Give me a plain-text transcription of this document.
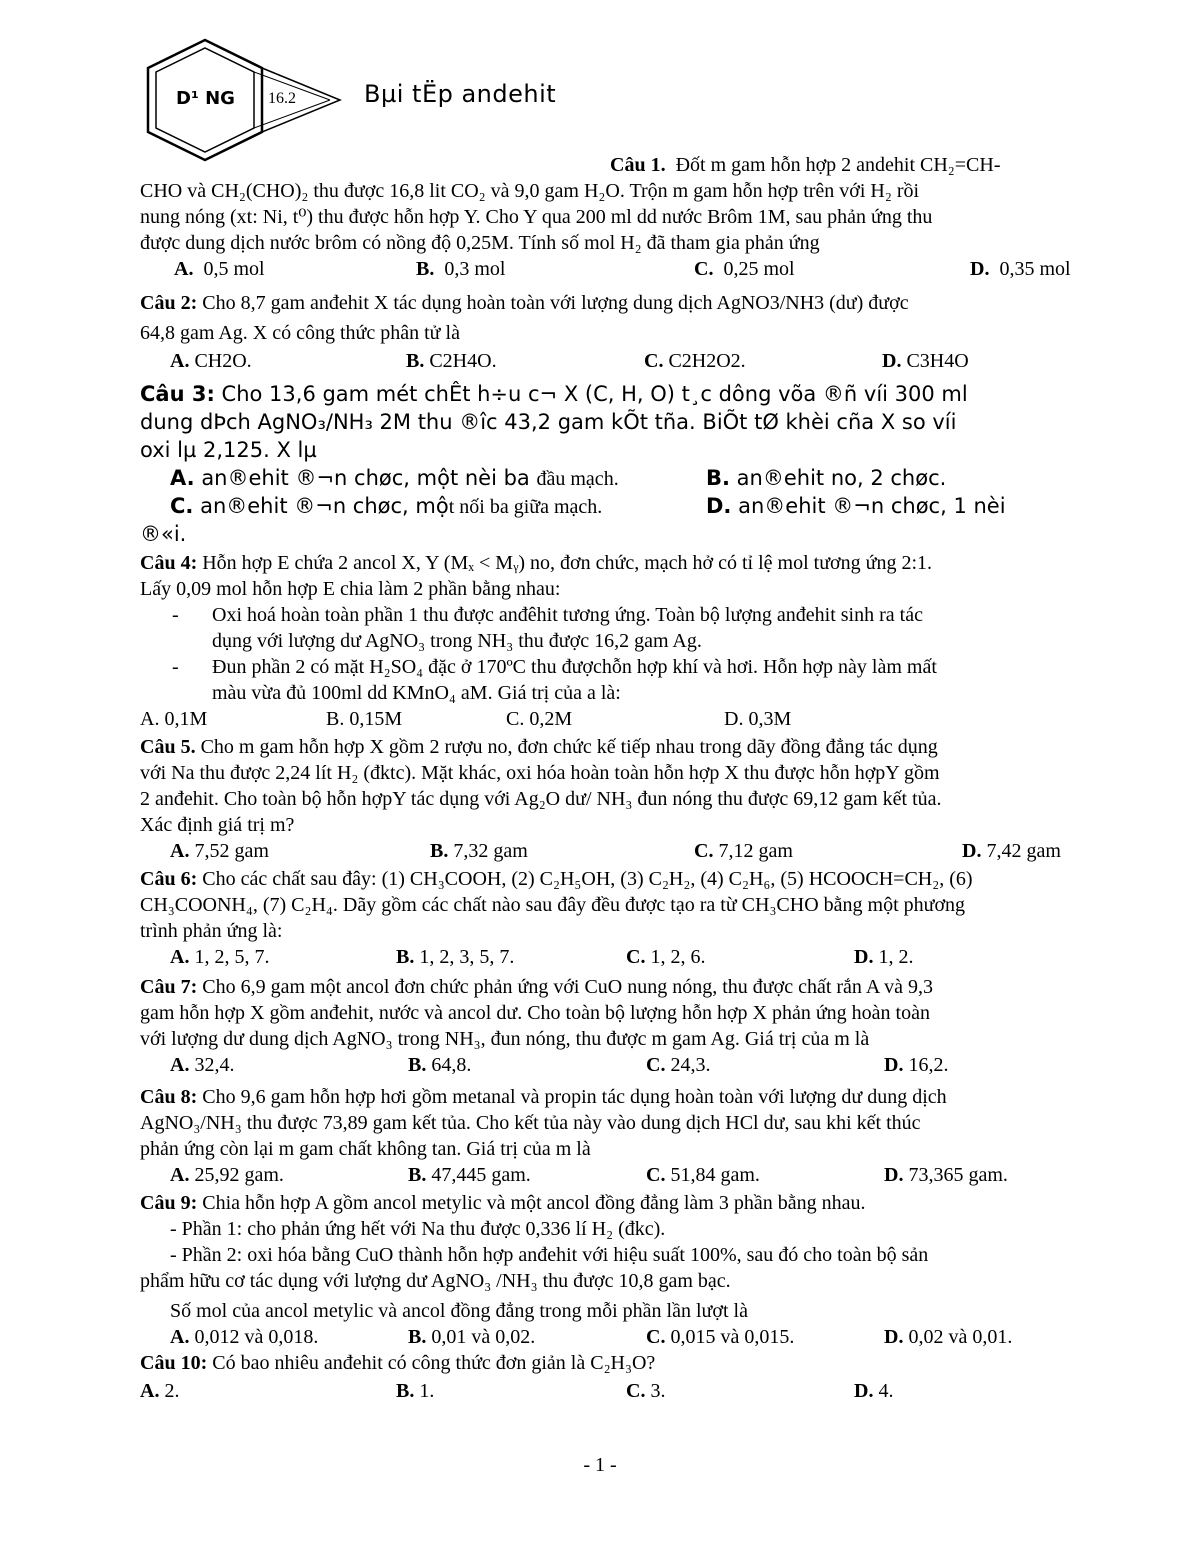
D¹ NG 16.2	Bµi tËp andehit

Câu 1. Đốt m gam hỗn hợp 2 andehit CH₂=CH-

CHO và CH₂(CHO)₂ thu được 16,8 lit CO₂ và 9,0 gam H₂O. Trộn m gam hỗn hợp trên với H₂ rồi

nung nóng (xt: Ni, t⁰) thu được hỗn hợp Y. Cho Y qua 200 ml dd nước Brôm 1M, sau phản ứng thu

được dung dịch nước brôm có nồng độ 0,25M. Tính số mol H₂ đã tham gia phản ứng

A. 0,5 mol	B. 0,3 mol	C. 0,25 mol	D. 0,35 mol

Câu 2: Cho 8,7 gam anđehit X tác dụng hoàn toàn với lượng dung dịch AgNO3/NH3 (dư) được

64,8 gam Ag. X có công thức phân tử là

A. CH2O.	B. C2H4O.	C. C2H2O2.	D. C3H4O

Câu 3: Cho 13,6 gam mét chÊt h÷u c¬ X (C, H, O) t¸c dông võa ®ñ víi 300 ml

dung dÞch AgNO₃/NH₃ 2M thu ®îc 43,2 gam kÕt tña. BiÕt tØ khèi cña X so víi

oxi lµ 2,125. X lµ

A. an®ehit ®¬n chøc, một nèi ba đầu mạch.	B. an®ehit no, 2 chøc.
C. an®ehit ®¬n chøc, một nối ba giữa mạch.	D. an®ehit ®¬n chøc, 1 nèi

®«i.

Câu 4: Hỗn hợp E chứa 2 ancol X, Y (Mₓ < Mᵧ) no, đơn chức, mạch hở có tỉ lệ mol tương ứng 2:1.

Lấy 0,09 mol hỗn hợp E chia làm 2 phần bằng nhau:

-	Oxi hoá hoàn toàn phần 1 thu được anđêhit tương ứng. Toàn bộ lượng anđehit sinh ra tác
dụng với lượng dư AgNO₃ trong NH₃ thu được 16,2 gam Ag.
-	Đun phần 2 có mặt H₂SO₄ đặc ở 170ºC thu đượchỗn hợp khí và hơi. Hỗn hợp này làm mất
màu vừa đủ 100ml dd KMnO₄ aM. Giá trị của a là:
A. 0,1M	B. 0,15M	C. 0,2M	D. 0,3M

Câu 5. Cho m gam hỗn hợp X gồm 2 rượu no, đơn chức kế tiếp nhau trong dãy đồng đẳng tác dụng

với Na thu được 2,24 lít H₂ (đktc). Mặt khác, oxi hóa hoàn toàn hỗn hợp X thu được hỗn hợpY gồm

2 anđehit. Cho toàn bộ hỗn hợpY tác dụng với Ag₂O dư/ NH₃ đun nóng thu được 69,12 gam kết tủa.

Xác định giá trị m?

A. 7,52 gam	B. 7,32 gam	C. 7,12 gam	D. 7,42 gam

Câu 6: Cho các chất sau đây: (1) CH₃COOH, (2) C₂H₅OH, (3) C₂H₂, (4) C₂H₆, (5) HCOOCH=CH₂, (6)

CH₃COONH₄, (7) C₂H₄. Dãy gồm các chất nào sau đây đều được tạo ra từ CH₃CHO bằng một phương

trình phản ứng là:

A. 1, 2, 5, 7.	B. 1, 2, 3, 5, 7.	C. 1, 2, 6.	D. 1, 2.

Câu 7: Cho 6,9 gam một ancol đơn chức phản ứng với CuO nung nóng, thu được chất rắn A và 9,3

gam hỗn hợp X gồm anđehit, nước và ancol dư. Cho toàn bộ lượng hỗn hợp X phản ứng hoàn toàn

với lượng dư dung dịch AgNO₃ trong NH₃, đun nóng, thu được m gam Ag. Giá trị của m là

A. 32,4.	B. 64,8.	C. 24,3.	D. 16,2.

Câu 8: Cho 9,6 gam hỗn hợp hơi gồm metanal và propin tác dụng hoàn toàn với lượng dư dung dịch

AgNO₃/NH₃ thu được 73,89 gam kết tủa. Cho kết tủa này vào dung dịch HCl dư, sau khi kết thúc

phản ứng còn lại m gam chất không tan. Giá trị của m là

A. 25,92 gam.	B. 47,445 gam.	C. 51,84 gam.	D. 73,365 gam.

Câu 9: Chia hỗn hợp A gồm ancol metylic và một ancol đồng đẳng làm 3 phần bằng nhau.

- Phần 1: cho phản ứng hết với Na thu được 0,336 lí H₂ (đkc).

- Phần 2: oxi hóa bằng CuO thành hỗn hợp anđehit với hiệu suất 100%, sau đó cho toàn bộ sản

phẩm hữu cơ tác dụng với lượng dư AgNO₃ /NH₃ thu được 10,8 gam bạc.

Số mol của ancol metylic và ancol đồng đẳng trong mỗi phần lần lượt là

A. 0,012 và 0,018.	B. 0,01 và 0,02.	C. 0,015 và 0,015.	D. 0,02 và 0,01.

Câu 10: Có bao nhiêu anđehit có công thức đơn giản là C₂H₃O?

A. 2.	B. 1.	C. 3.	D. 4.
- 1 -
